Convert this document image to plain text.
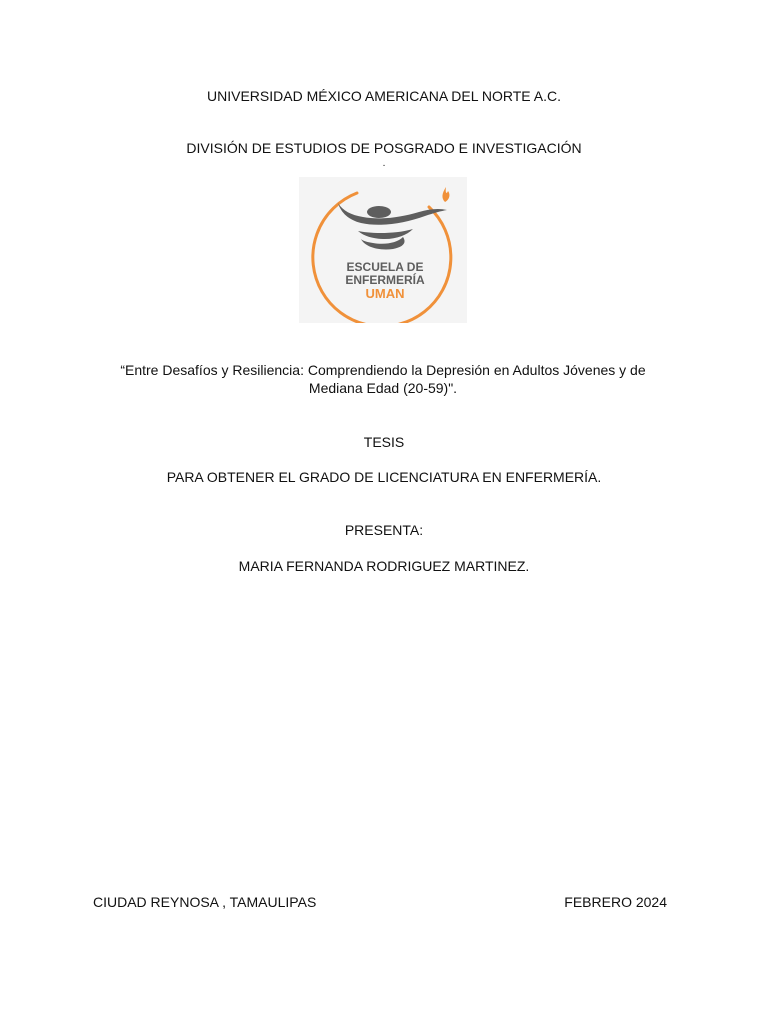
UNIVERSIDAD MÉXICO AMERICANA DEL NORTE A.C.
DIVISIÓN DE ESTUDIOS DE POSGRADO E INVESTIGACIÓN
.
ESCUELA DE
ENFERMERÍA
UMAN
“Entre Desafíos y Resiliencia: Comprendiendo la Depresión en Adultos Jóvenes y de Mediana Edad (20-59)".
TESIS
PARA OBTENER EL GRADO DE LICENCIATURA EN ENFERMERÍA.
PRESENTA:
MARIA FERNANDA RODRIGUEZ MARTINEZ.
CIUDAD REYNOSA , TAMAULIPAS	FEBRERO 2024
